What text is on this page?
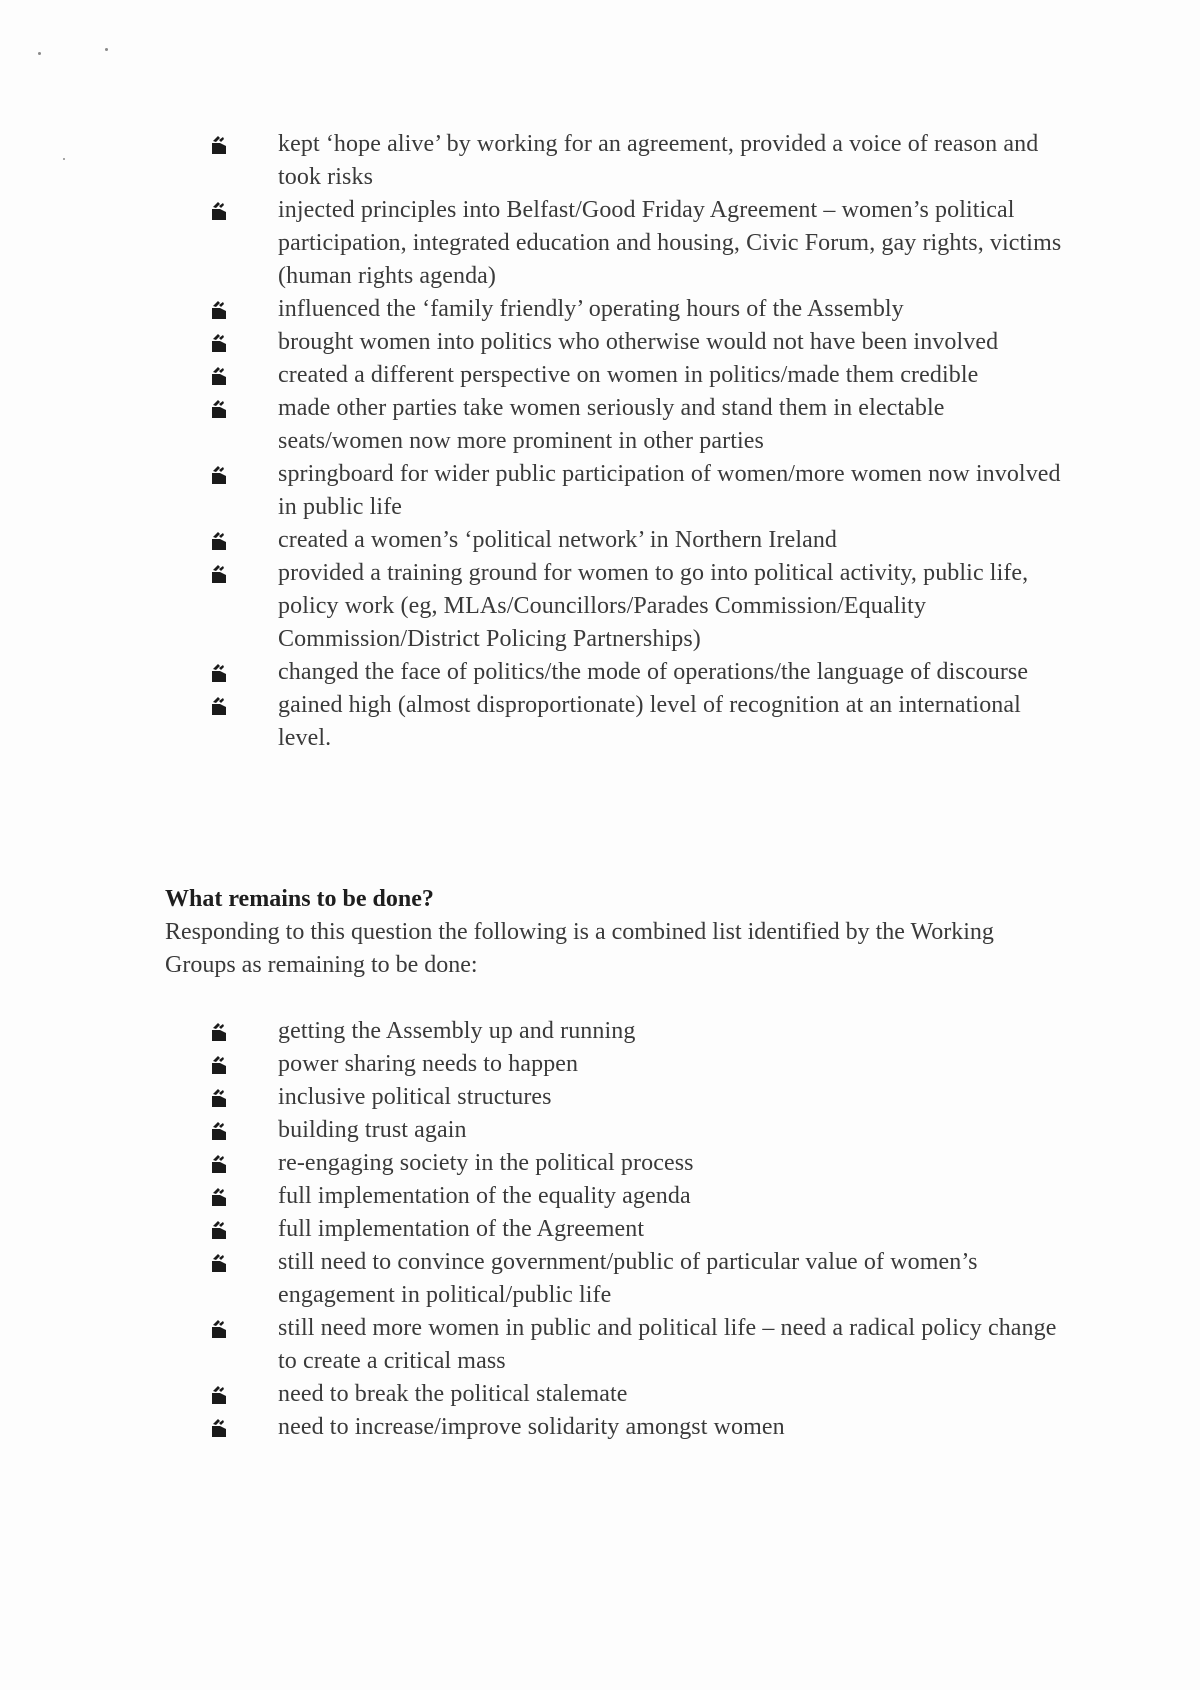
kept ‘hope alive’ by working for an agreement, provided a voice of reason and took risks
injected principles into Belfast/Good Friday Agreement – women’s political participation, integrated education and housing, Civic Forum, gay rights, victims (human rights agenda)
influenced the ‘family friendly’ operating hours of the Assembly
brought women into politics who otherwise would not have been involved
created a different perspective on women in politics/made them credible
made other parties take women seriously and stand them in electable seats/women now more prominent in other parties
springboard for wider public participation of women/more women now involved in public life
created a women’s ‘political network’ in Northern Ireland
provided a training ground for women to go into political activity, public life, policy work (eg, MLAs/Councillors/Parades Commission/Equality Commission/District Policing Partnerships)
changed the face of politics/the mode of operations/the language of discourse
gained high (almost disproportionate) level of recognition at an international level.

What remains to be done?

Responding to this question the following is a combined list identified by the Working Groups as remaining to be done:

getting the Assembly up and running
power sharing needs to happen
inclusive political structures
building trust again
re-engaging society in the political process
full implementation of the equality agenda
full implementation of the Agreement
still need to convince government/public of particular value of women’s engagement in political/public life
still need more women in public and political life – need a radical policy change to create a critical mass
need to break the political stalemate
need to increase/improve solidarity amongst women
